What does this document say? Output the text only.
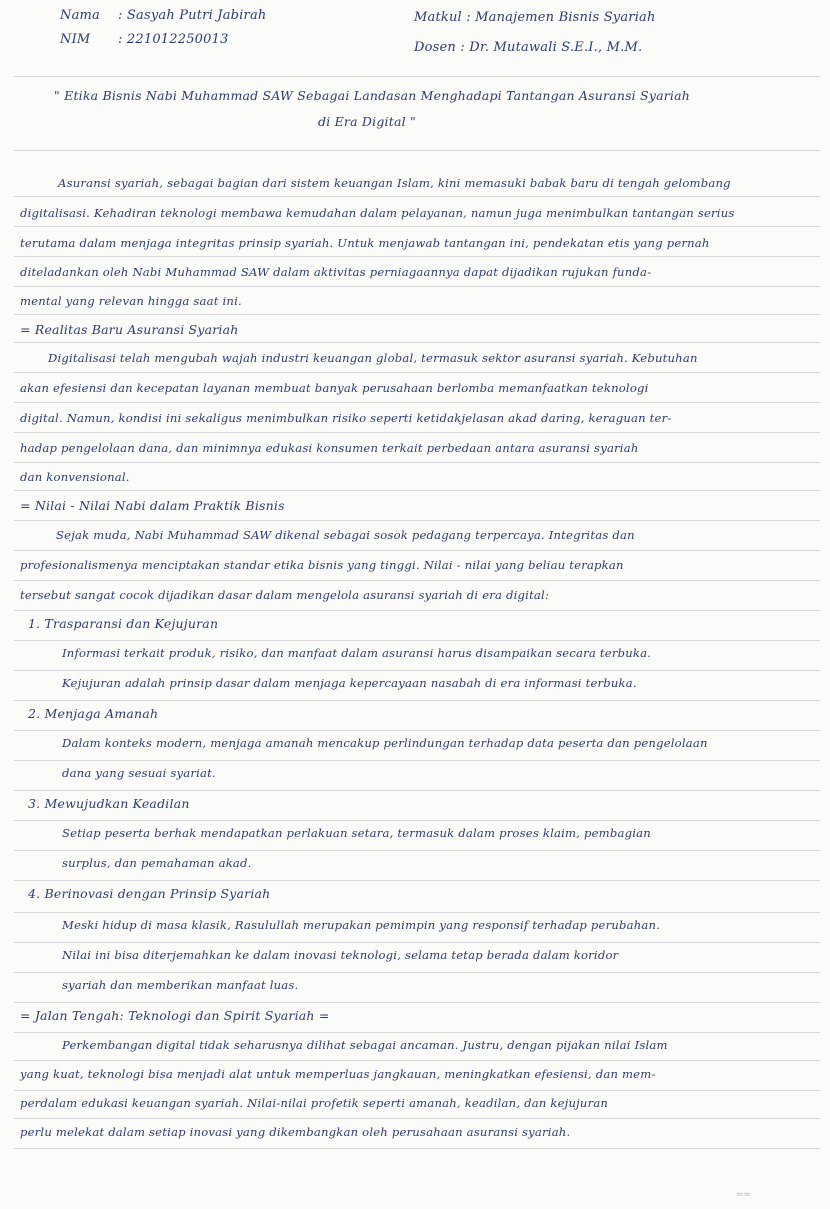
Nama : Sasyah Putri Jabirah
NIM : 221012250013
Matkul : Manajemen Bisnis Syariah
Dosen : Dr. Mutawali S.E.I., M.M.
" Etika Bisnis Nabi Muhammad SAW Sebagai Landasan Menghadapi Tantangan Asuransi Syariah
di Era Digital "
Asuransi syariah, sebagai bagian dari sistem keuangan Islam, kini memasuki babak baru di tengah gelombang
digitalisasi. Kehadiran teknologi membawa kemudahan dalam pelayanan, namun juga menimbulkan tantangan serius
terutama dalam menjaga integritas prinsip syariah. Untuk menjawab tantangan ini, pendekatan etis yang pernah
diteladankan oleh Nabi Muhammad SAW dalam aktivitas perniagaannya dapat dijadikan rujukan funda-
mental yang relevan hingga saat ini.
= Realitas Baru Asuransi Syariah
Digitalisasi telah mengubah wajah industri keuangan global, termasuk sektor asuransi syariah. Kebutuhan
akan efesiensi dan kecepatan layanan membuat banyak perusahaan berlomba memanfaatkan teknologi
digital. Namun, kondisi ini sekaligus menimbulkan risiko seperti ketidakjelasan akad daring, keraguan ter-
hadap pengelolaan dana, dan minimnya edukasi konsumen terkait perbedaan antara asuransi syariah
dan konvensional.
= Nilai - Nilai Nabi dalam Praktik Bisnis
Sejak muda, Nabi Muhammad SAW dikenal sebagai sosok pedagang terpercaya. Integritas dan
profesionalismenya menciptakan standar etika bisnis yang tinggi. Nilai - nilai yang beliau terapkan
tersebut sangat cocok dijadikan dasar dalam mengelola asuransi syariah di era digital:
1. Trasparansi dan Kejujuran
Informasi terkait produk, risiko, dan manfaat dalam asuransi harus disampaikan secara terbuka.
Kejujuran adalah prinsip dasar dalam menjaga kepercayaan nasabah di era informasi terbuka.
2. Menjaga Amanah
Dalam konteks modern, menjaga amanah mencakup perlindungan terhadap data peserta dan pengelolaan
dana yang sesuai syariat.
3. Mewujudkan Keadilan
Setiap peserta berhak mendapatkan perlakuan setara, termasuk dalam proses klaim, pembagian
surplus, dan pemahaman akad.
4. Berinovasi dengan Prinsip Syariah
Meski hidup di masa klasik, Rasulullah merupakan pemimpin yang responsif terhadap perubahan.
Nilai ini bisa diterjemahkan ke dalam inovasi teknologi, selama tetap berada dalam koridor
syariah dan memberikan manfaat luas.
= Jalan Tengah: Teknologi dan Spirit Syariah =
Perkembangan digital tidak seharusnya dilihat sebagai ancaman. Justru, dengan pijakan nilai Islam
yang kuat, teknologi bisa menjadi alat untuk memperluas jangkauan, meningkatkan efesiensi, dan mem-
perdalam edukasi keuangan syariah. Nilai-nilai profetik seperti amanah, keadilan, dan kejujuran
perlu melekat dalam setiap inovasi yang dikembangkan oleh perusahaan asuransi syariah.
≈≈
